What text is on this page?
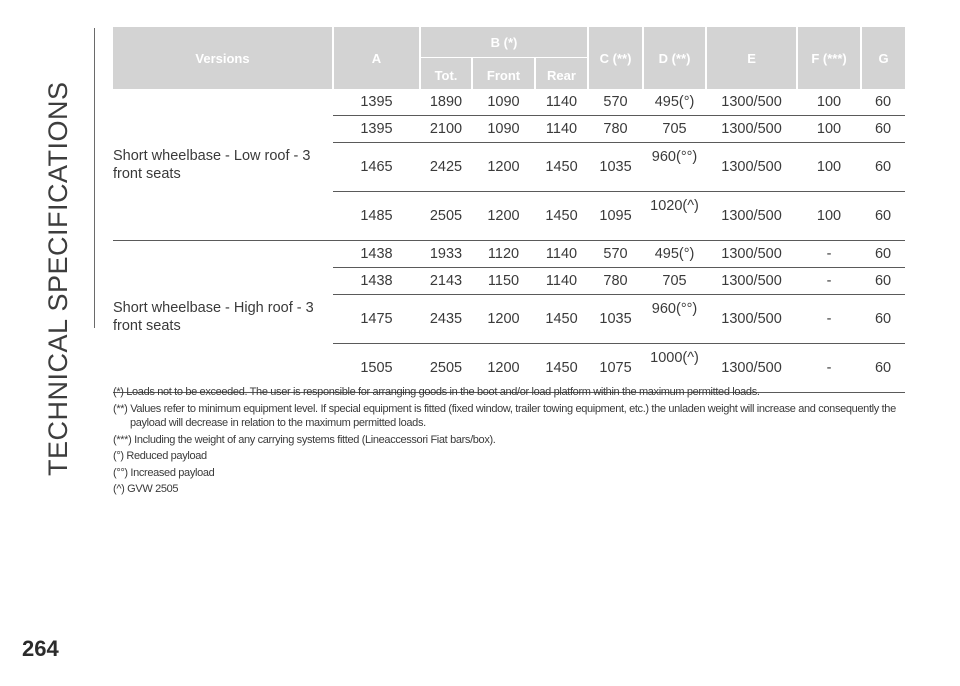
TECHNICAL SPECIFICATIONS
Versions	A	B (*)			C (**)	D (**)	E	F (***)	G
		Tot.	Front	Rear					
Short wheelbase - Low roof - 3 front seats	1395	1890	1090	1140	570	495(°)	1300/500	100	60
	1395	2100	1090	1140	780	705	1300/500	100	60
	1465	2425	1200	1450	1035	960(°°)	1300/500	100	60
	1485	2505	1200	1450	1095	1020(^)	1300/500	100	60
Short wheelbase - High roof - 3 front seats	1438	1933	1120	1140	570	495(°)	1300/500	-	60
	1438	2143	1150	1140	780	705	1300/500	-	60
	1475	2435	1200	1450	1035	960(°°)	1300/500	-	60
	1505	2505	1200	1450	1075	1000(^)	1300/500	-	60

(*) Loads not to be exceeded. The user is responsible for arranging goods in the boot and/or load platform within the maximum permitted loads.

(**) Values refer to minimum equipment level. If special equipment is fitted (fixed window, trailer towing equipment, etc.) the unladen weight will increase and consequently the
payload will decrease in relation to the maximum permitted loads.

(***) Including the weight of any carrying systems fitted (Lineaccessori Fiat bars/box).

(°) Reduced payload

(°°) Increased payload

(^) GVW 2505

264
